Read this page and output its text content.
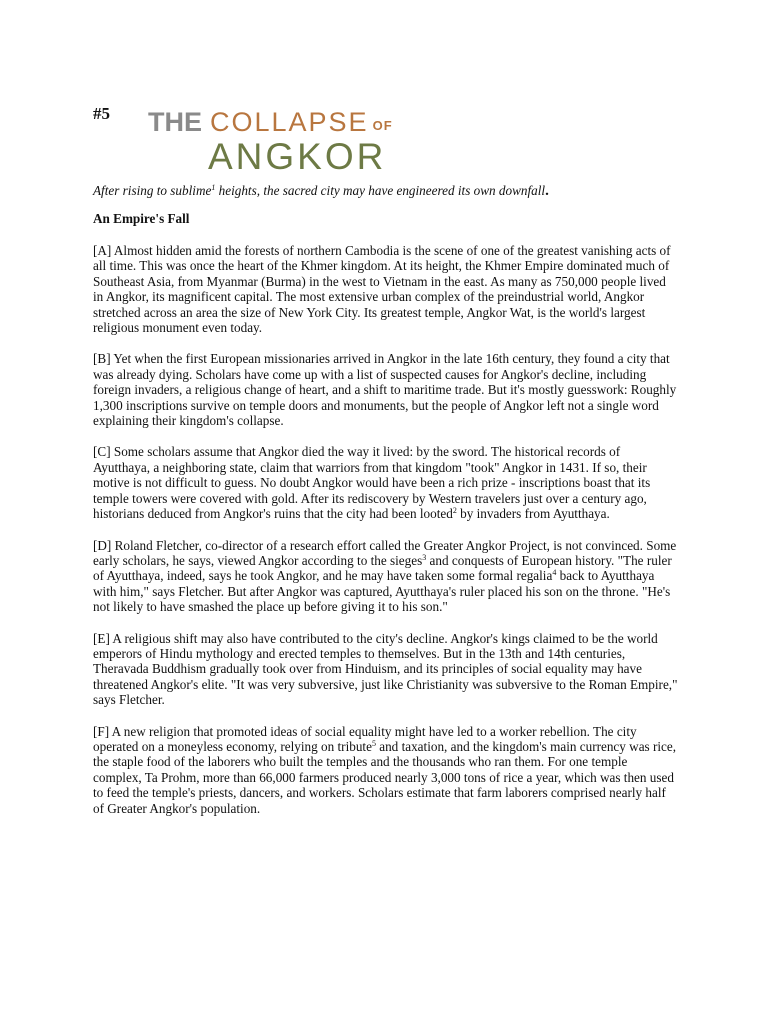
#5 THE COLLAPSE OF
ANGKOR
After rising to sublime$^1$ heights, the sacred city may have engineered its own downfall.
An Empire's Fall

[A] Almost hidden amid the forests of northern Cambodia is the scene of one of the greatest vanishing acts of all time. This was once the heart of the Khmer kingdom. At its height, the Khmer Empire dominated much of Southeast Asia, from Myanmar (Burma) in the west to Vietnam in the east. As many as 750,000 people lived in Angkor, its magnificent capital. The most extensive urban complex of the preindustrial world, Angkor stretched across an area the size of New York City. Its greatest temple, Angkor Wat, is the world's largest religious monument even today.

[B] Yet when the first European missionaries arrived in Angkor in the late 16th century, they found a city that was already dying. Scholars have come up with a list of suspected causes for Angkor's decline, including foreign invaders, a religious change of heart, and a shift to maritime trade. But it's mostly guesswork: Roughly 1,300 inscriptions survive on temple doors and monuments, but the people of Angkor left not a single word explaining their kingdom's collapse.

[C] Some scholars assume that Angkor died the way it lived: by the sword. The historical records of Ayutthaya, a neighboring state, claim that warriors from that kingdom "took" Angkor in 1431. If so, their motive is not difficult to guess. No doubt Angkor would have been a rich prize - inscriptions boast that its temple towers were covered with gold. After its rediscovery by Western travelers just over a century ago, historians deduced from Angkor's ruins that the city had been looted$^2$ by invaders from Ayutthaya.

[D] Roland Fletcher, co-director of a research effort called the Greater Angkor Project, is not convinced. Some early scholars, he says, viewed Angkor according to the sieges$^3$ and conquests of European history. "The ruler of Ayutthaya, indeed, says he took Angkor, and he may have taken some formal regalia$^4$ back to Ayutthaya with him," says Fletcher. But after Angkor was captured, Ayutthaya's ruler placed his son on the throne. "He's not likely to have smashed the place up before giving it to his son."

[E] A religious shift may also have contributed to the city's decline. Angkor's kings claimed to be the world emperors of Hindu mythology and erected temples to themselves. But in the 13th and 14th centuries, Theravada Buddhism gradually took over from Hinduism, and its principles of social equality may have threatened Angkor's elite. "It was very subversive, just like Christianity was subversive to the Roman Empire," says Fletcher.

[F] A new religion that promoted ideas of social equality might have led to a worker rebellion. The city operated on a moneyless economy, relying on tribute$^5$ and taxation, and the kingdom's main currency was rice, the staple food of the laborers who built the temples and the thousands who ran them. For one temple complex, Ta Prohm, more than 66,000 farmers produced nearly 3,000 tons of rice a year, which was then used to feed the temple's priests, dancers, and workers. Scholars estimate that farm laborers comprised nearly half of Greater Angkor's population.
